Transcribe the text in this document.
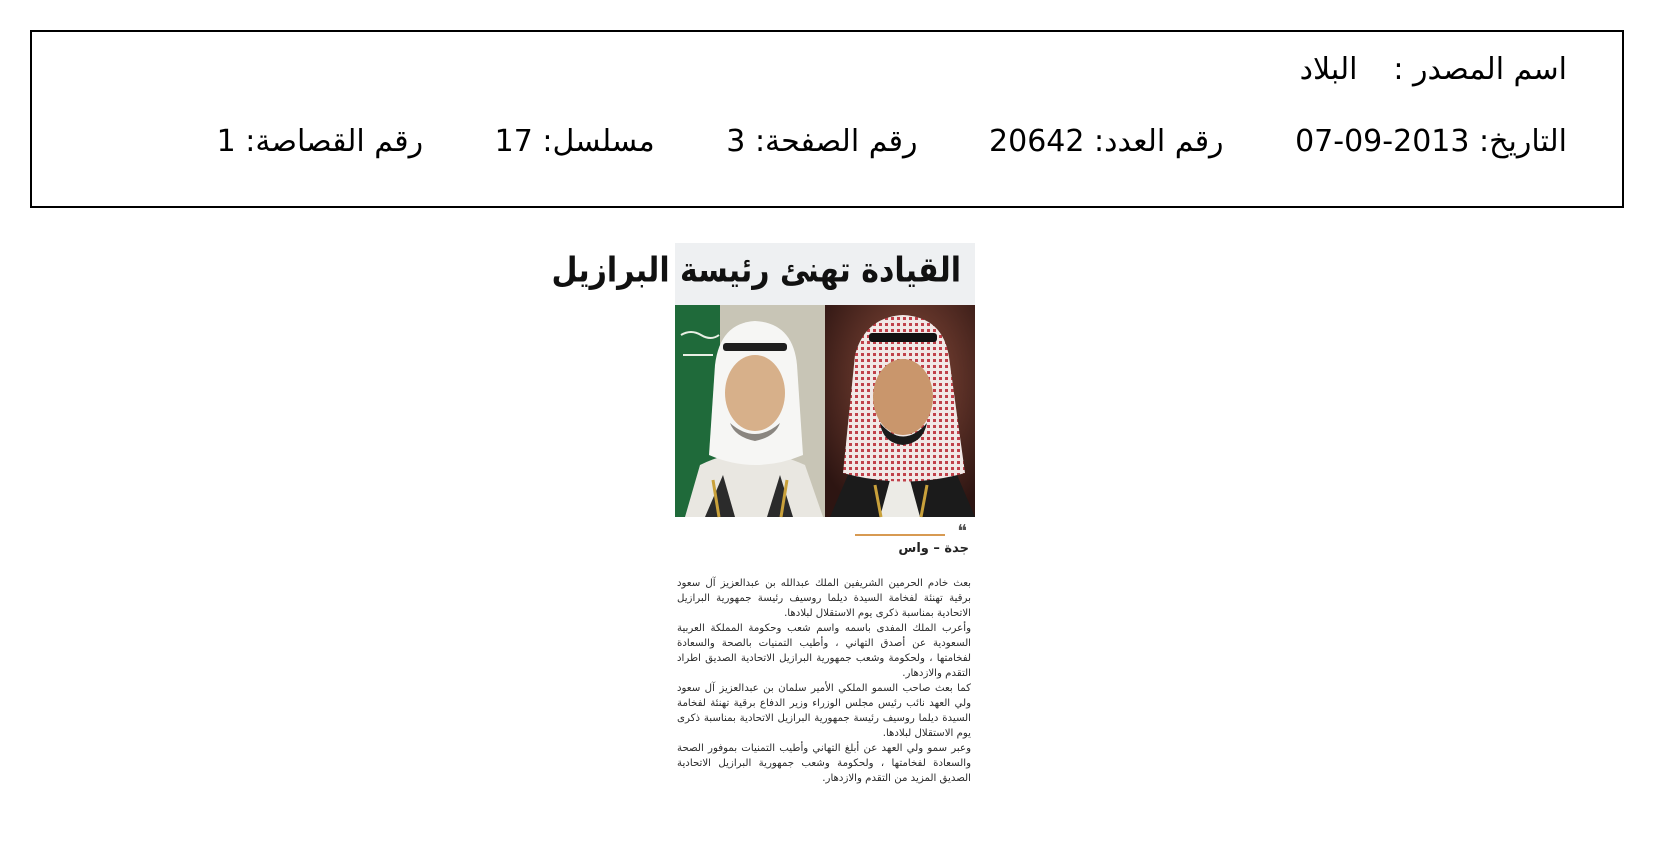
اسم المصدر : البلاد
التاريخ: 2013-09-07 رقم العدد: 20642 رقم الصفحة: 3 مسلسل: 17 رقم القصاصة: 1
القيادة تهنئ رئيسة البرازيل
❝
جدة – واس

بعث خادم الحرمين الشريفين الملك عبدالله بن عبدالعزيز آل سعود برقية تهنئة لفخامة السيدة ديلما روسيف رئيسة جمهورية البرازيل الاتحادية بمناسبة ذكرى يوم الاستقلال لبلادها.

وأعرب الملك المفدى باسمه واسم شعب وحكومة المملكة العربية السعودية عن أصدق التهاني ، وأطيب التمنيات بالصحة والسعادة لفخامتها ، ولحكومة وشعب جمهورية البرازيل الاتحادية الصديق اطراد التقدم والازدهار.

كما بعث صاحب السمو الملكي الأمير سلمان بن عبدالعزيز آل سعود ولي العهد نائب رئيس مجلس الوزراء وزير الدفاع برقية تهنئة لفخامة السيدة ديلما روسيف رئيسة جمهورية البرازيل الاتحادية بمناسبة ذكرى يوم الاستقلال لبلادها.

وعبر سمو ولي العهد عن أبلغ التهاني وأطيب التمنيات بموفور الصحة والسعادة لفخامتها ، ولحكومة وشعب جمهورية البرازيل الاتحادية الصديق المزيد من التقدم والازدهار.
